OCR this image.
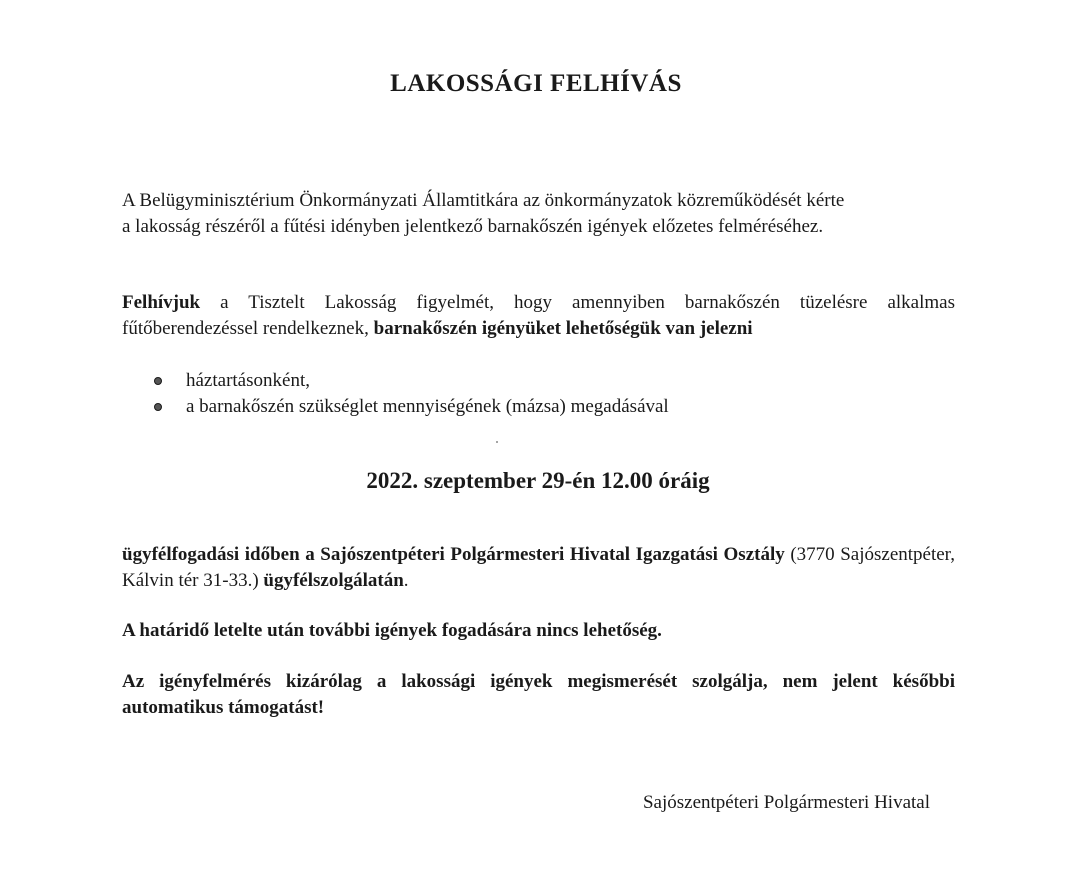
LAKOSSÁGI FELHÍVÁS
A Belügyminisztérium Önkormányzati Államtitkára az önkormányzatok közreműködését kérte
a lakosság részéről a fűtési idényben jelentkező barnakőszén igények előzetes felméréséhez.
Felhívjuk a Tisztelt Lakosság figyelmét, hogy amennyiben barnakőszén tüzelésre alkalmas fűtőberendezéssel rendelkeznek, barnakőszén igényüket lehetőségük van jelezni
háztartásonként,
a barnakőszén szükséglet mennyiségének (mázsa) megadásával
2022. szeptember 29-én 12.00 óráig
ügyfélfogadási időben a Sajószentpéteri Polgármesteri Hivatal Igazgatási Osztály (3770 Sajószentpéter, Kálvin tér 31-33.) ügyfélszolgálatán.
A határidő letelte után további igények fogadására nincs lehetőség.
Az igényfelmérés kizárólag a lakossági igények megismerését szolgálja, nem jelent későbbi automatikus támogatást!
Sajószentpéteri Polgármesteri Hivatal
